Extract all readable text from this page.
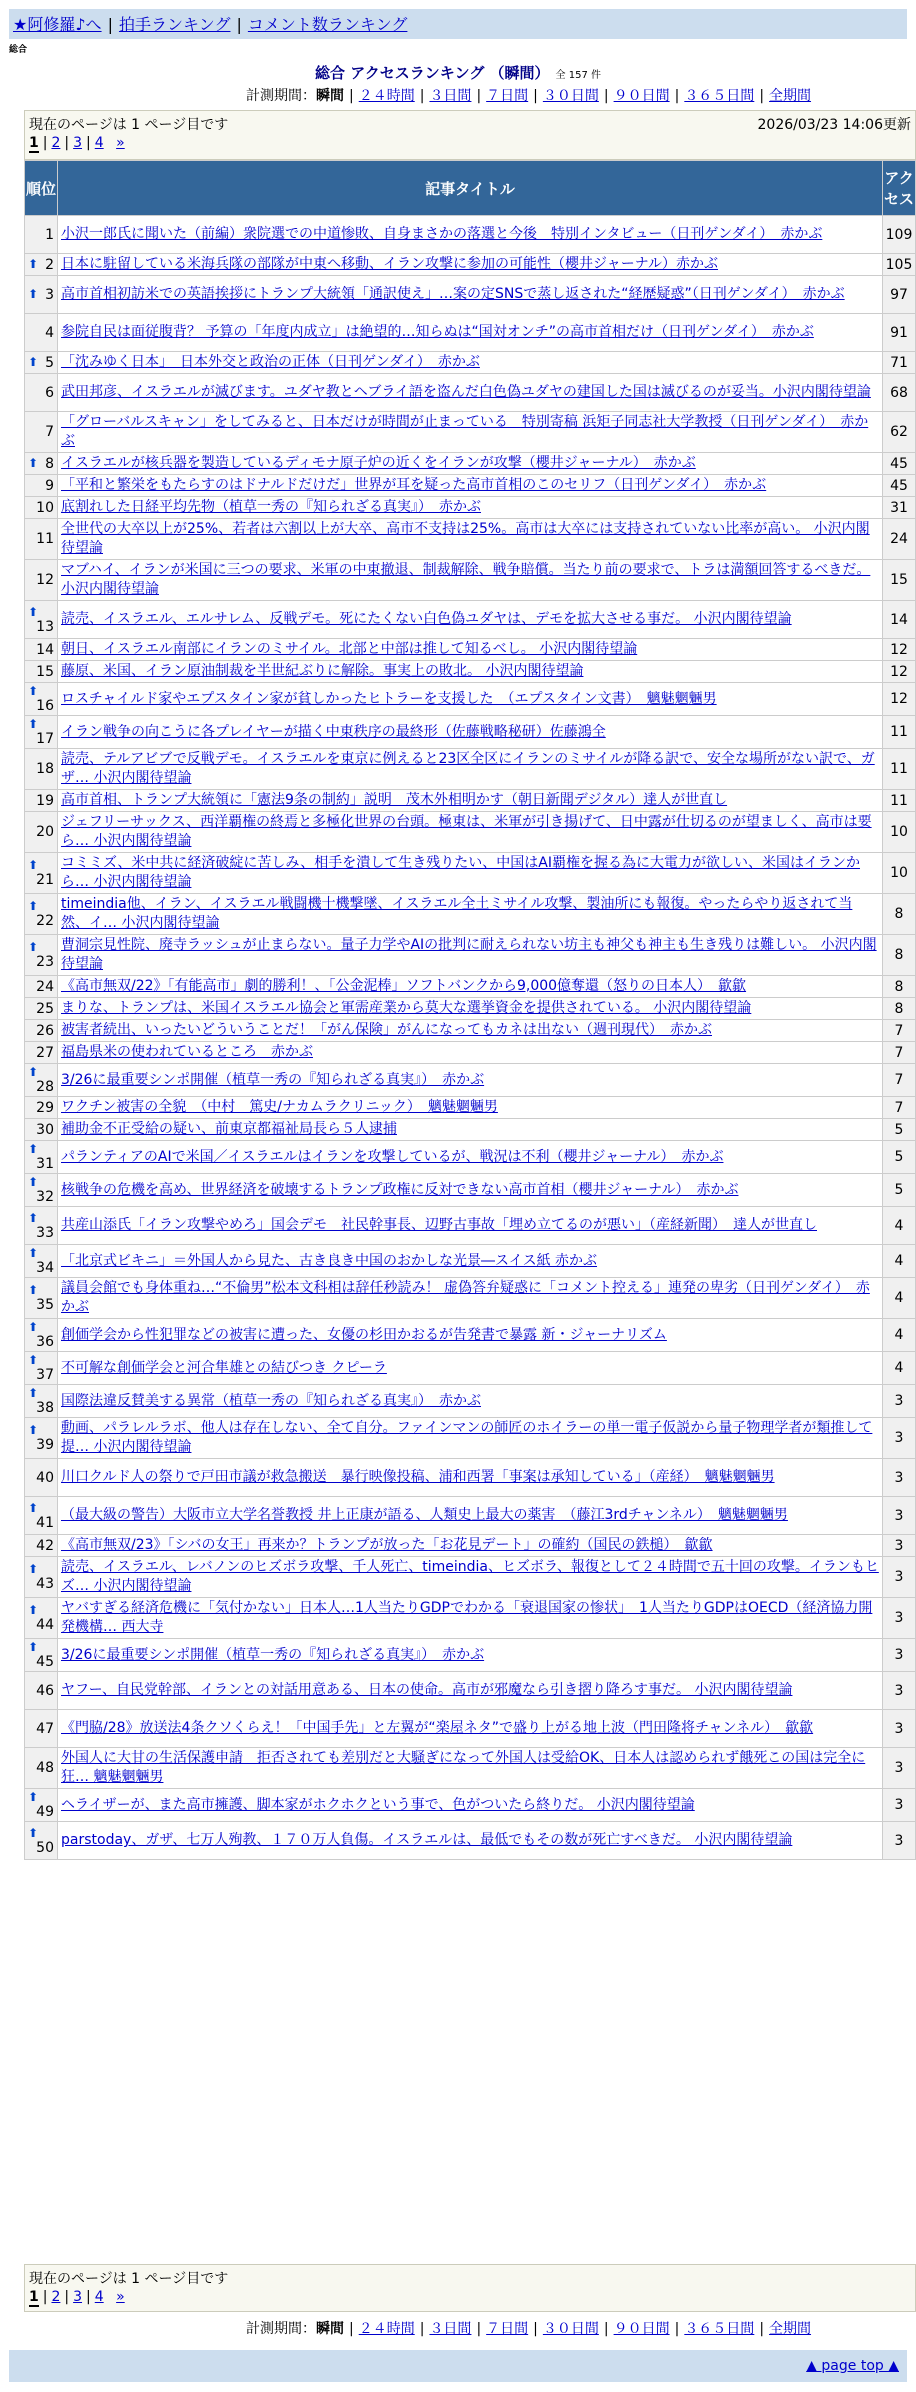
★阿修羅♪へ | 拍手ランキング | コメント数ランキング
総合
総合 アクセスランキング （瞬間） 全 157 件
計測期間：瞬間 | ２４時間 | ３日間 | ７日間 | ３０日間 | ９０日間 | ３６５日間 | 全期間
現在のページは 1 ページ目です	2026/03/23 14:06更新
1 | 2 | 3 | 4 »
順位	記事タイトル	アクセス
1	小沢一郎氏に聞いた（前編）衆院選での中道惨敗、自身まさかの落選と今後　特別インタビュー（日刊ゲンダイ）　赤かぶ	109

⬆ 2	日本に駐留している米海兵隊の部隊が中東へ移動、イラン攻撃に参加の可能性（櫻井ジャーナル）赤かぶ	105

⬆ 3	高市首相初訪米での英語挨拶にトランプ大統領「通訳使え」…案の定SNSで蒸し返された“経歴疑惑”（日刊ゲンダイ）　赤かぶ	97
4	参院自民は面従腹背？ 予算の「年度内成立」は絶望的…知らぬは“国対オンチ”の高市首相だけ（日刊ゲンダイ）　赤かぶ	91

⬆ 5	「沈みゆく日本」　日本外交と政治の正体（日刊ゲンダイ）　赤かぶ	71
6	武田邦彦、イスラエルが滅びます。ユダヤ教とヘブライ語を盗んだ白色偽ユダヤの建国した国は滅びるのが妥当。小沢内閣待望論	68
7	「グローバルスキャン」をしてみると、日本だけが時間が止まっている　特別寄稿 浜矩子同志社大学教授（日刊ゲンダイ）　赤かぶ	62

⬆ 8	イスラエルが核兵器を製造しているディモナ原子炉の近くをイランが攻撃（櫻井ジャーナル）　赤かぶ	45
9	「平和と繁栄をもたらすのはドナルドだけだ」世界が耳を疑った高市首相のこのセリフ（日刊ゲンダイ）　赤かぶ	45
10	底割れした日経平均先物（植草一秀の『知られざる真実』）　赤かぶ	31
11	全世代の大卒以上が25%、若者は六割以上が大卒、高市不支持は25%。高市は大卒には支持されていない比率が高い。 小沢内閣待望論	24
12	マブハイ、イランが米国に三つの要求、米軍の中東撤退、制裁解除、戦争賠償。当たり前の要求で、トラは満額回答するべきだ。 小沢内閣待望論	15

⬆
13	読売、イスラエル、エルサレム、反戦デモ。死にたくない白色偽ユダヤは、デモを拡大させる事だ。 小沢内閣待望論	14
14	朝日、イスラエル南部にイランのミサイル。北部と中部は推して知るべし。 小沢内閣待望論	12
15	藤原、米国、イラン原油制裁を半世紀ぶりに解除。事実上の敗北。 小沢内閣待望論	12

⬆
16	ロスチャイルド家やエプスタイン家が貧しかったヒトラーを支援した　（エプスタイン文書）　魑魅魍魎男	12

⬆
17	イラン戦争の向こうに各プレイヤーが描く中東秩序の最終形（佐藤戦略秘研）佐藤鴻全	11
18	読売、テルアビブで反戦デモ。イスラエルを東京に例えると23区全区にイランのミサイルが降る訳で、安全な場所がない訳で、ガザ… 小沢内閣待望論	11
19	高市首相、トランプ大統領に「憲法9条の制約」説明　茂木外相明かす（朝日新聞デジタル）達人が世直し	11
20	ジェフリーサックス、西洋覇権の終焉と多極化世界の台頭。極東は、米軍が引き揚げて、日中露が仕切るのが望ましく、高市は要ら… 小沢内閣待望論	10

⬆
21	コミミズ、米中共に経済破綻に苦しみ、相手を潰して生き残りたい、中国はAI覇権を握る為に大電力が欲しい、米国はイランから… 小沢内閣待望論	10

⬆
22	timeindia他、イラン、イスラエル戦闘機十機撃墜、イスラエル全土ミサイル攻撃、製油所にも報復。やったらやり返されて当然、イ… 小沢内閣待望論	8

⬆
23	曹洞宗見性院、廃寺ラッシュが止まらない。量子力学やAIの批判に耐えられない坊主も神父も神主も生き残りは難しい。 小沢内閣待望論	8
24	《高市無双/22》「有能高市」劇的勝利！、「公金泥棒」ソフトバンクから9,000億奪還（怒りの日本人）　歙歙	8
25	まりな、トランプは、米国イスラエル協会と軍需産業から莫大な選挙資金を提供されている。 小沢内閣待望論	8
26	被害者続出、いったいどういうことだ！「がん保険」がんになってもカネは出ない（週刊現代）　赤かぶ	7
27	福島県米の使われているところ　赤かぶ	7

⬆
28	3/26に最重要シンポ開催（植草一秀の『知られざる真実』）　赤かぶ	7
29	ワクチン被害の全貌　（中村　篤史/ナカムラクリニック）　魑魅魍魎男	7
30	補助金不正受給の疑い、前東京都福祉局長ら５人逮捕	5

⬆
31	パランティアのAIで米国／イスラエルはイランを攻撃しているが、戦況は不利（櫻井ジャーナル）　赤かぶ	5

⬆
32	核戦争の危機を高め、世界経済を破壊するトランプ政権に反対できない高市首相（櫻井ジャーナル）　赤かぶ	5

⬆
33	共産山添氏「イラン攻撃やめろ」国会デモ　社民幹事長、辺野古事故「埋め立てるのが悪い」（産経新聞）　達人が世直し	4

⬆
34	「北京式ビキニ」＝外国人から見た、古き良き中国のおかしな光景―スイス紙 赤かぶ	4

⬆
35	議員会館でも身体重ね…“不倫男”松本文科相は辞任秒読み！ 虚偽答弁疑惑に「コメント控える」連発の卑劣（日刊ゲンダイ）　赤かぶ	4

⬆
36	創価学会から性犯罪などの被害に遭った、女優の杉田かおるが告発書で暴露 新・ジャーナリズム	4

⬆
37	不可解な創価学会と河合隼雄との結びつき クピーラ	4

⬆
38	国際法違反賛美する異常（植草一秀の『知られざる真実』）　赤かぶ	3

⬆
39	動画、パラレルラボ、他人は存在しない、全て自分。ファインマンの師匠のホイラーの単一電子仮説から量子物理学者が類推して提… 小沢内閣待望論	3
40	川口クルド人の祭りで戸田市議が救急搬送　暴行映像投稿、浦和西署「事案は承知している」（産経）　魑魅魍魎男	3

⬆
41	（最大級の警告）大阪市立大学名誉教授 井上正康が語る、人類史上最大の薬害　（藤江3rdチャンネル）　魑魅魍魎男	3
42	《高市無双/23》「シバの女王」再来か？トランプが放った「お花見デート」の確約（国民の鉄槌）　歙歙	3

⬆
43	読売、イスラエル、レバノンのヒズボラ攻撃、千人死亡、timeindia、ヒズボラ、報復として２４時間で五十回の攻撃。イランもヒズ… 小沢内閣待望論	3

⬆
44	ヤバすぎる経済危機に「気付かない」日本人…1人当たりGDPでわかる「衰退国家の惨状」　1人当たりGDPはOECD（経済協力開発機構… 西大寺	3

⬆
45	3/26に最重要シンポ開催（植草一秀の『知られざる真実』）　赤かぶ	3
46	ヤフー、自民党幹部、イランとの対話用意ある、日本の使命。高市が邪魔なら引き摺り降ろす事だ。 小沢内閣待望論	3
47	《門脇/28》放送法4条クソくらえ！「中国手先」と左翼が“楽屋ネタ”で盛り上がる地上波（門田隆将チャンネル）　歙歙	3
48	外国人に大甘の生活保護申請　拒否されても差別だと大騒ぎになって外国人は受給OK、日本人は認められず餓死この国は完全に狂… 魑魅魍魎男	3

⬆
49	ヘライザーが、また高市擁護、脚本家がホクホクという事で、色がついたら終りだ。 小沢内閣待望論	3

⬆
50	parstoday、ガザ、七万人殉教、１７０万人負傷。イスラエルは、最低でもその数が死亡すべきだ。 小沢内閣待望論	3
現在のページは 1 ページ目です
1 | 2 | 3 | 4 »
計測期間：瞬間 | ２４時間 | ３日間 | ７日間 | ３０日間 | ９０日間 | ３６５日間 | 全期間
▲ page top ▲
